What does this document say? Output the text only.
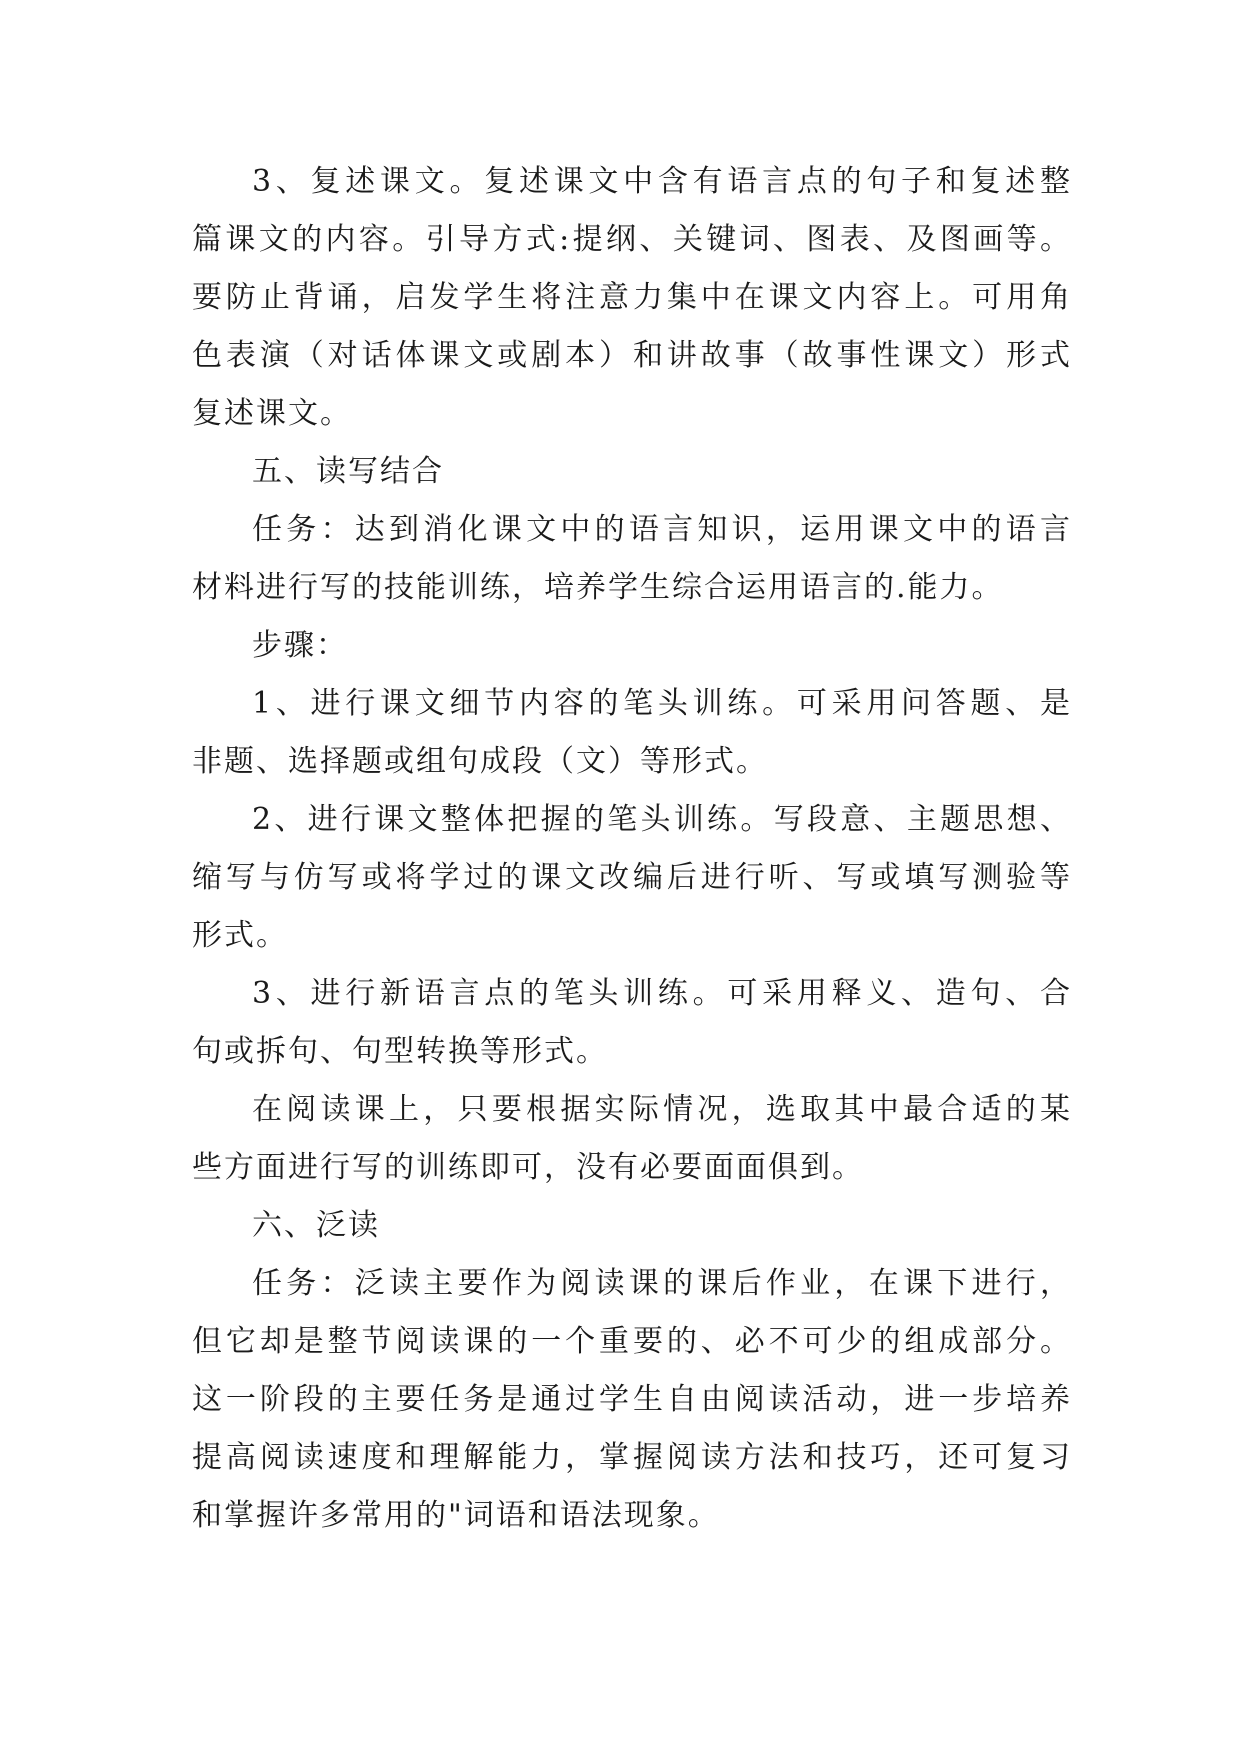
3、复述课文。复述课文中含有语言点的句子和复述整
篇课文的内容。引导方式:提纲、关键词、图表、及图画等。
要防止背诵，启发学生将注意力集中在课文内容上。可用角
色表演（对话体课文或剧本）和讲故事（故事性课文）形式
复述课文。
五、读写结合
任务：达到消化课文中的语言知识，运用课文中的语言
材料进行写的技能训练，培养学生综合运用语言的.能力。
步骤：
1、进行课文细节内容的笔头训练。可采用问答题、是
非题、选择题或组句成段（文）等形式。
2、进行课文整体把握的笔头训练。写段意、主题思想、
缩写与仿写或将学过的课文改编后进行听、写或填写测验等
形式。
3、进行新语言点的笔头训练。可采用释义、造句、合
句或拆句、句型转换等形式。
在阅读课上，只要根据实际情况，选取其中最合适的某
些方面进行写的训练即可，没有必要面面俱到。
六、泛读
任务：泛读主要作为阅读课的课后作业，在课下进行，
但它却是整节阅读课的一个重要的、必不可少的组成部分。
这一阶段的主要任务是通过学生自由阅读活动，进一步培养
提高阅读速度和理解能力，掌握阅读方法和技巧，还可复习
和掌握许多常用的"词语和语法现象。
